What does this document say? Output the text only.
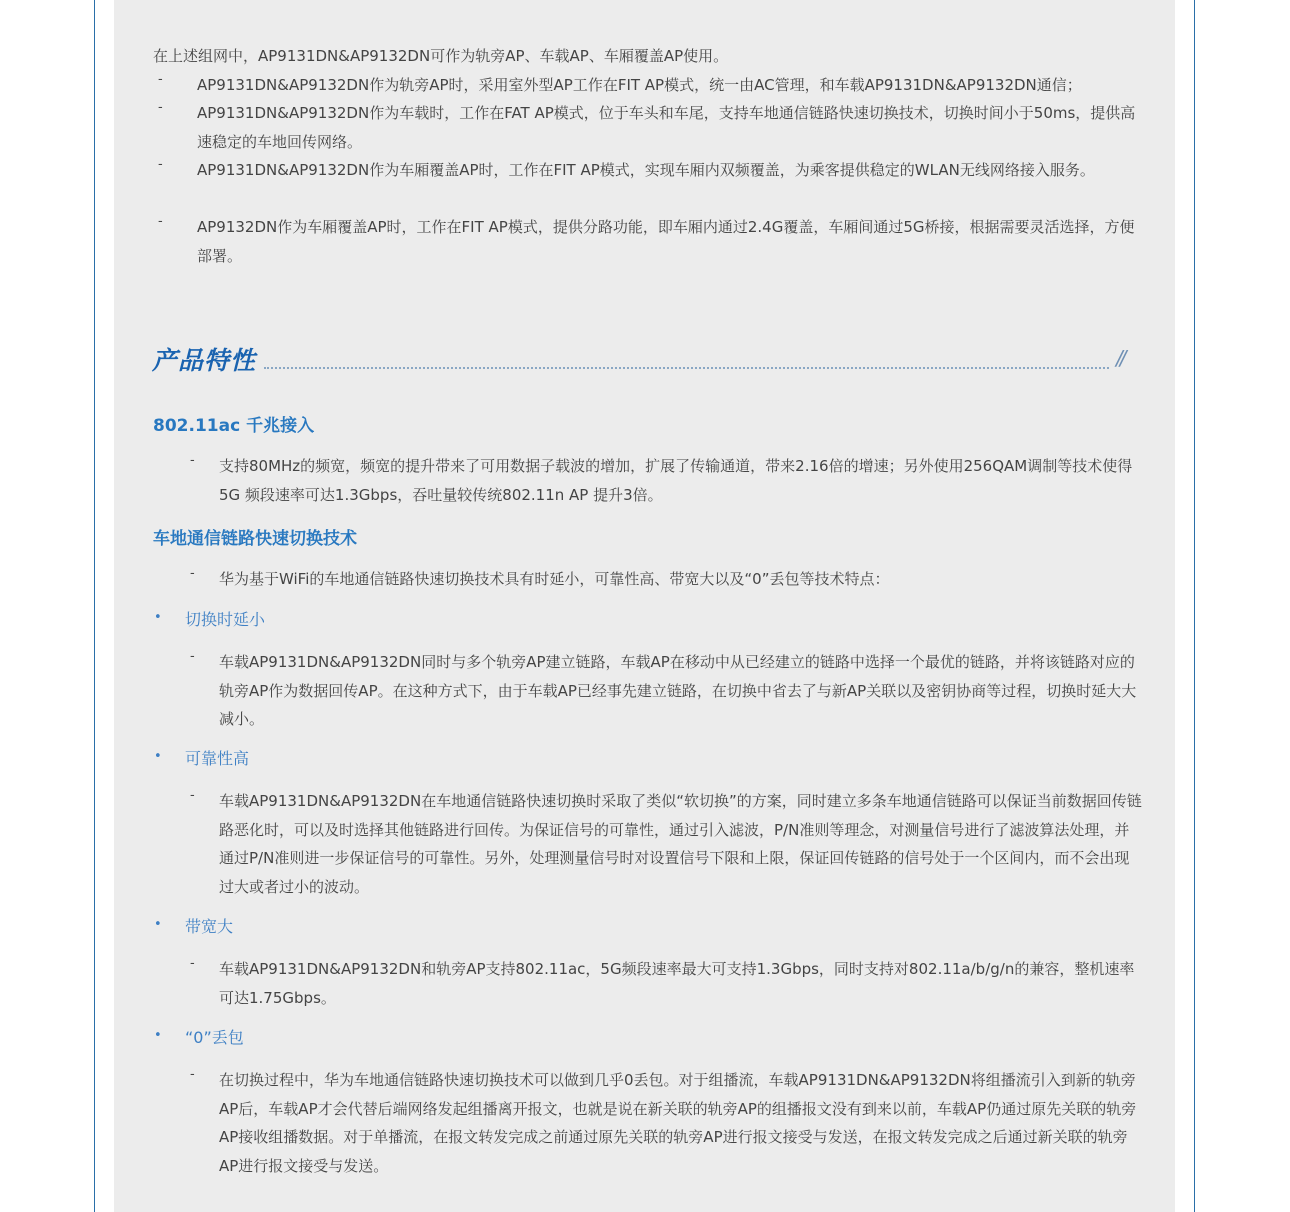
在上述组网中，AP9131DN&AP9132DN可作为轨旁AP、车载AP、车厢覆盖AP使用。
- AP9131DN&AP9132DN作为轨旁AP时，采用室外型AP工作在FIT AP模式，统一由AC管理，和车载AP9131DN&AP9132DN通信；
- AP9131DN&AP9132DN作为车载时，工作在FAT AP模式，位于车头和车尾，支持车地通信链路快速切换技术，切换时间小于50ms，提供高速稳定的车地回传网络。
- AP9131DN&AP9132DN作为车厢覆盖AP时，工作在FIT AP模式，实现车厢内双频覆盖，为乘客提供稳定的WLAN无线网络接入服务。
- AP9132DN作为车厢覆盖AP时，工作在FIT AP模式，提供分路功能，即车厢内通过2.4G覆盖，车厢间通过5G桥接，根据需要灵活选择，方便部署。
产品特性	//
802.11ac 千兆接入
- 支持80MHz的频宽，频宽的提升带来了可用数据子载波的增加，扩展了传输通道，带来2.16倍的增速；另外使用256QAM调制等技术使得5G 频段速率可达1.3Gbps，吞吐量较传统802.11n AP 提升3倍。
车地通信链路快速切换技术
- 华为基于WiFi的车地通信链路快速切换技术具有时延小，可靠性高、带宽大以及“0”丢包等技术特点：
• 切换时延小
- 车载AP9131DN&AP9132DN同时与多个轨旁AP建立链路，车载AP在移动中从已经建立的链路中选择一个最优的链路，并将该链路对应的轨旁AP作为数据回传AP。在这种方式下，由于车载AP已经事先建立链路，在切换中省去了与新AP关联以及密钥协商等过程，切换时延大大减小。
• 可靠性高
- 车载AP9131DN&AP9132DN在车地通信链路快速切换时采取了类似“软切换”的方案，同时建立多条车地通信链路可以保证当前数据回传链路恶化时，可以及时选择其他链路进行回传。为保证信号的可靠性，通过引入滤波，P/N准则等理念，对测量信号进行了滤波算法处理，并通过P/N准则进一步保证信号的可靠性。另外，处理测量信号时对设置信号下限和上限，保证回传链路的信号处于一个区间内，而不会出现过大或者过小的波动。
• 带宽大
- 车载AP9131DN&AP9132DN和轨旁AP支持802.11ac，5G频段速率最大可支持1.3Gbps，同时支持对802.11a/b/g/n的兼容，整机速率可达1.75Gbps。
• “0”丢包
- 在切换过程中，华为车地通信链路快速切换技术可以做到几乎0丢包。对于组播流，车载AP9131DN&AP9132DN将组播流引入到新的轨旁AP后，车载AP才会代替后端网络发起组播离开报文，也就是说在新关联的轨旁AP的组播报文没有到来以前，车载AP仍通过原先关联的轨旁AP接收组播数据。对于单播流，在报文转发完成之前通过原先关联的轨旁AP进行报文接受与发送，在报文转发完成之后通过新关联的轨旁AP进行报文接受与发送。
